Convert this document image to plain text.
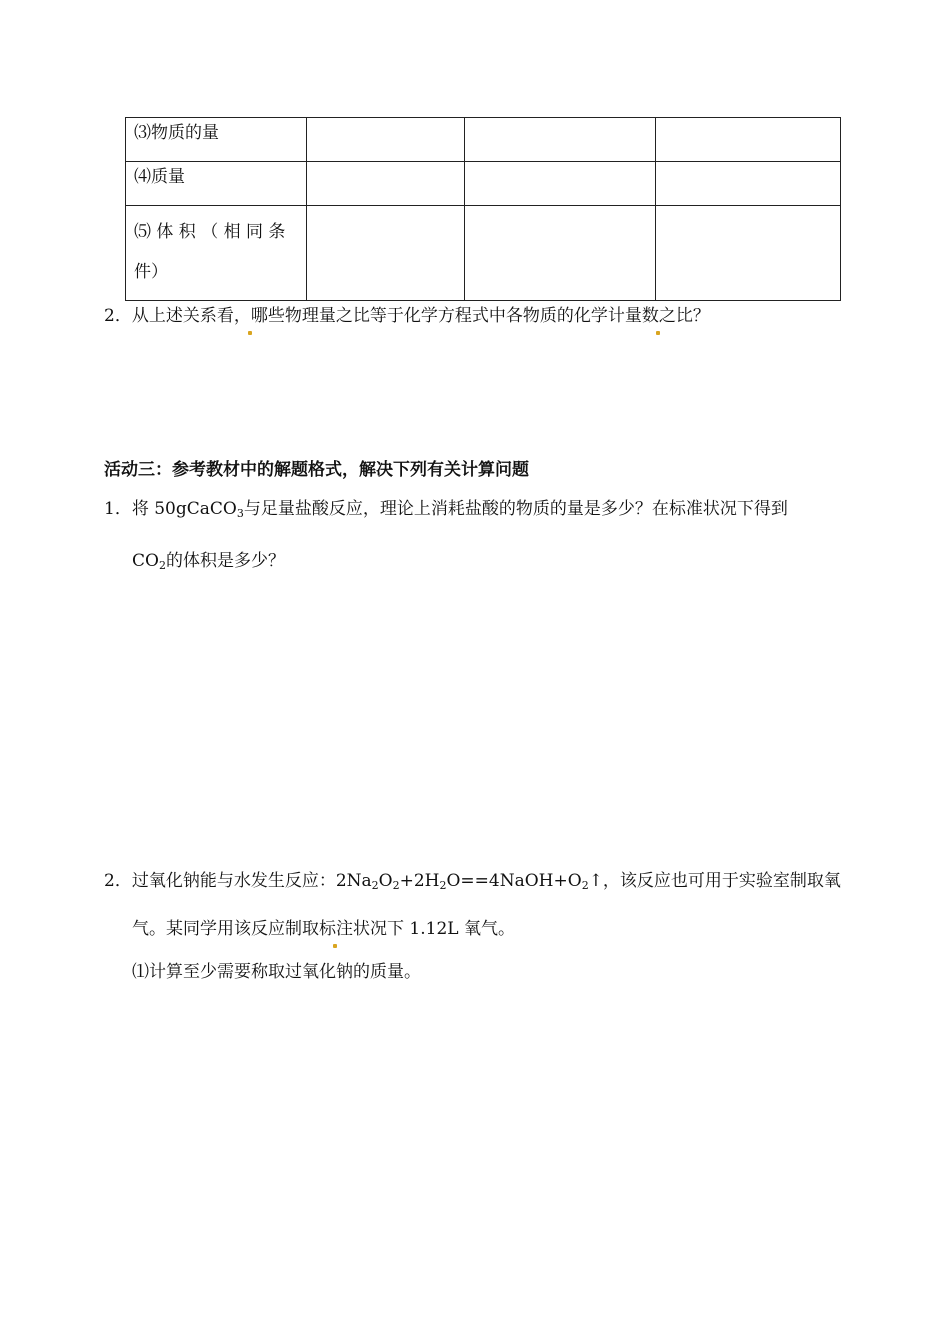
⑶物质的量			
⑷质量			

⑸ 体 积 （ 相 同 条
件）			

2．从上述关系看，哪些物理量之比等于化学方程式中各物质的化学计量数之比？
活动三：参考教材中的解题格式，解决下列有关计算问题
1．将 50gCaCO$_3$与足量盐酸反应，理论上消耗盐酸的物质的量是多少？在标准状况下得到
$CO_2$的体积是多少？
2．过氧化钠能与水发生反应：$2Na_2O_2+2H_2O==4NaOH+O_2↑$，该反应也可用于实验室制取氧
气。某同学用该反应制取标注状况下 1.12L 氧气。
⑴计算至少需要称取过氧化钠的质量。
